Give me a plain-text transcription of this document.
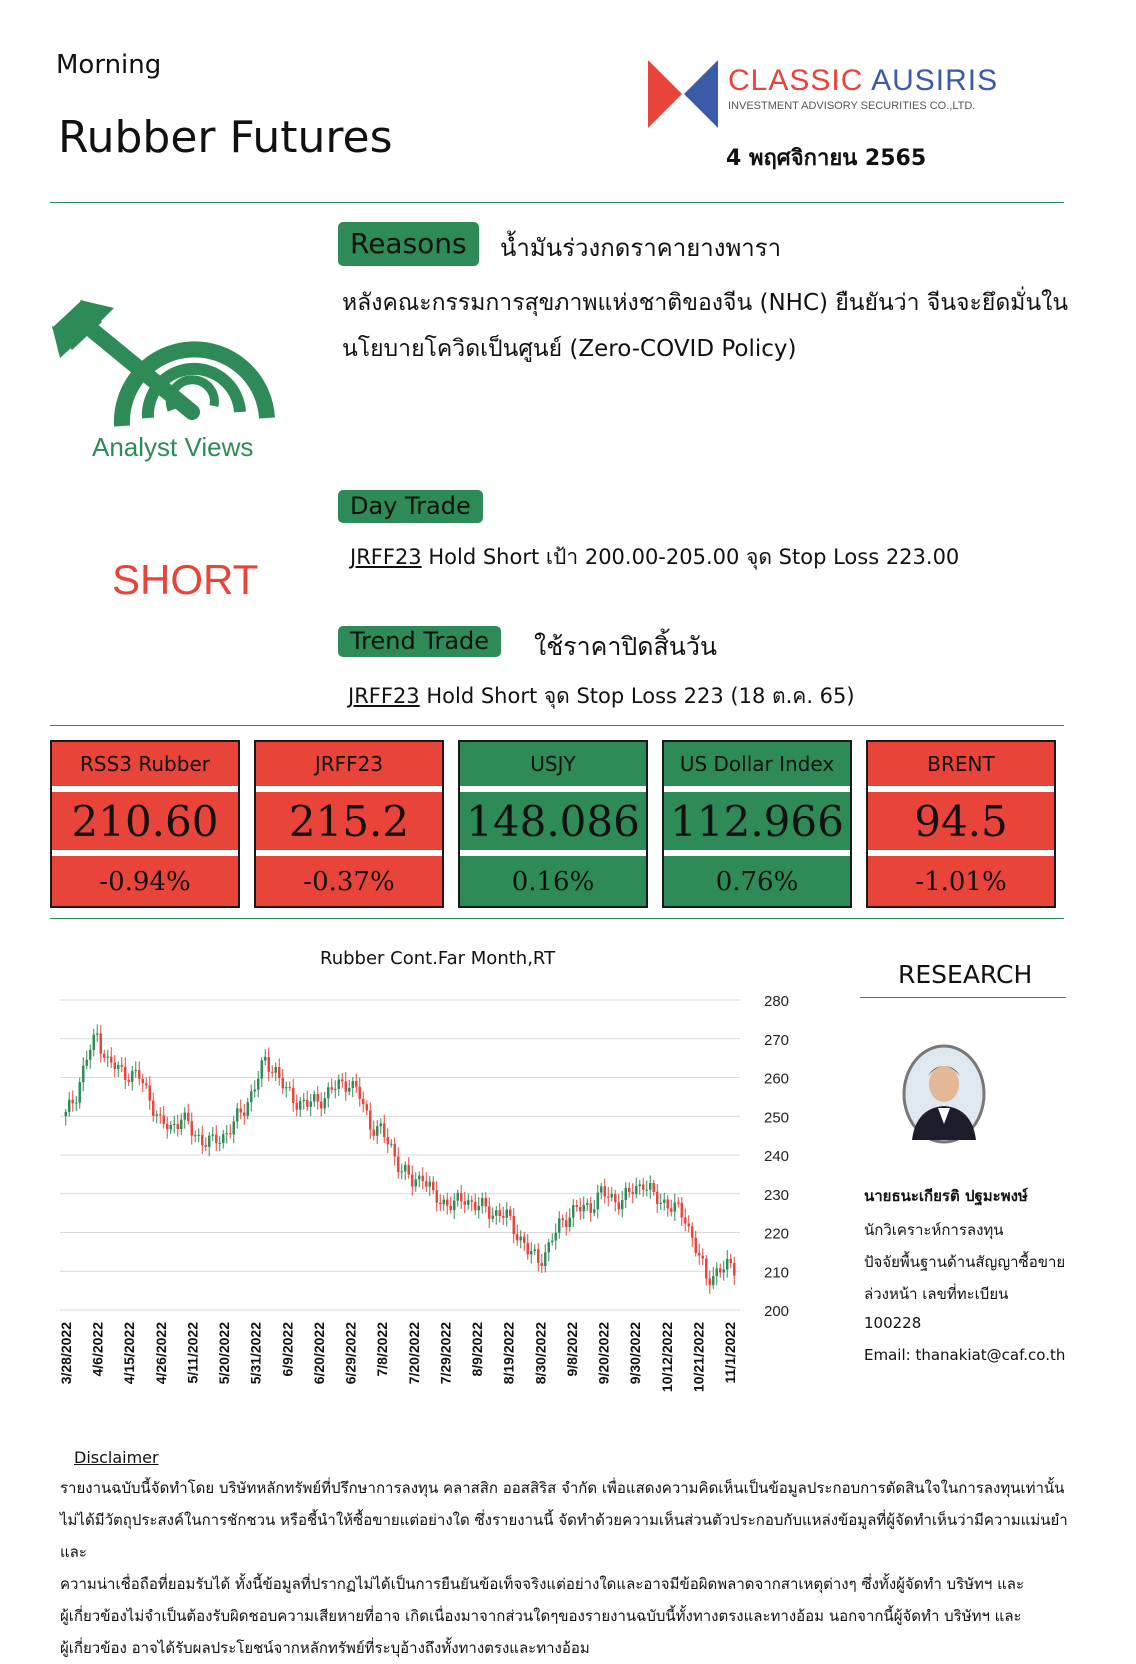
Morning
Rubber Futures
CLASSIC AUSIRIS
INVESTMENT ADVISORY SECURITIES CO.,LTD.
4 พฤศจิกายน 2565
Analyst Views
SHORT
Reasons	น้ำมันร่วงกดราคายางพารา
หลังคณะกรรมการสุขภาพแห่งชาติของจีน (NHC) ยืนยันว่า จีนจะยึดมั่นใน
นโยบายโควิดเป็นศูนย์ (Zero-COVID Policy)
Day Trade
JRFF23 Hold Short เป้า 200.00-205.00 จุด Stop Loss 223.00
Trend Trade	ใช้ราคาปิดสิ้นวัน
JRFF23 Hold Short จุด Stop Loss 223 (18 ต.ค. 65)
RSS3 Rubber
210.60
-0.94%
JRFF23
215.2
-0.37%
USJY
148.086
0.16%
US Dollar Index
112.966
0.76%
BRENT
94.5
-1.01%
Rubber Cont.Far Month,RT
280
270
260
250
240
230
220
210
200
3/28/2022 4/6/2022 4/15/2022 4/26/2022 5/11/2022 5/20/2022 5/31/2022 6/9/2022 6/20/2022 6/29/2022 7/8/2022 7/20/2022 7/29/2022 8/9/2022 8/19/2022 8/30/2022 9/8/2022 9/20/2022 9/30/2022 10/12/2022 10/21/2022 11/1/2022
RESEARCH
นายธนะเกียรติ ปฐมะพงษ์
นักวิเคราะห์การลงทุน
ปัจจัยพื้นฐานด้านสัญญาซื้อขาย
ล่วงหน้า เลขที่ทะเบียน
100228
Email: thanakiat@caf.co.th
Disclaimer
รายงานฉบับนี้จัดทำโดย บริษัทหลักทรัพย์ที่ปรึกษาการลงทุน คลาสสิก ออสสิริส จำกัด เพื่อแสดงความคิดเห็นเป็นข้อมูลประกอบการตัดสินใจในการลงทุนเท่านั้น
ไม่ได้มีวัตถุประสงค์ในการชักชวน หรือชี้นำให้ซื้อขายแต่อย่างใด ซึ่งรายงานนี้ จัดทำด้วยความเห็นส่วนตัวประกอบกับแหล่งข้อมูลที่ผู้จัดทำเห็นว่ามีความแม่นยำและ
ความน่าเชื่อถือที่ยอมรับได้ ทั้งนี้ข้อมูลที่ปรากฏไม่ได้เป็นการยืนยันข้อเท็จจริงแต่อย่างใดและอาจมีข้อผิดพลาดจากสาเหตุต่างๆ ซึ่งทั้งผู้จัดทำ บริษัทฯ และ
ผู้เกี่ยวข้องไม่จำเป็นต้องรับผิดชอบความเสียหายที่อาจ เกิดเนื่องมาจากส่วนใดๆของรายงานฉบับนี้ทั้งทางตรงและทางอ้อม นอกจากนี้ผู้จัดทำ บริษัทฯ และ
ผู้เกี่ยวข้อง อาจได้รับผลประโยชน์จากหลักทรัพย์ที่ระบุอ้างถึงทั้งทางตรงและทางอ้อม
